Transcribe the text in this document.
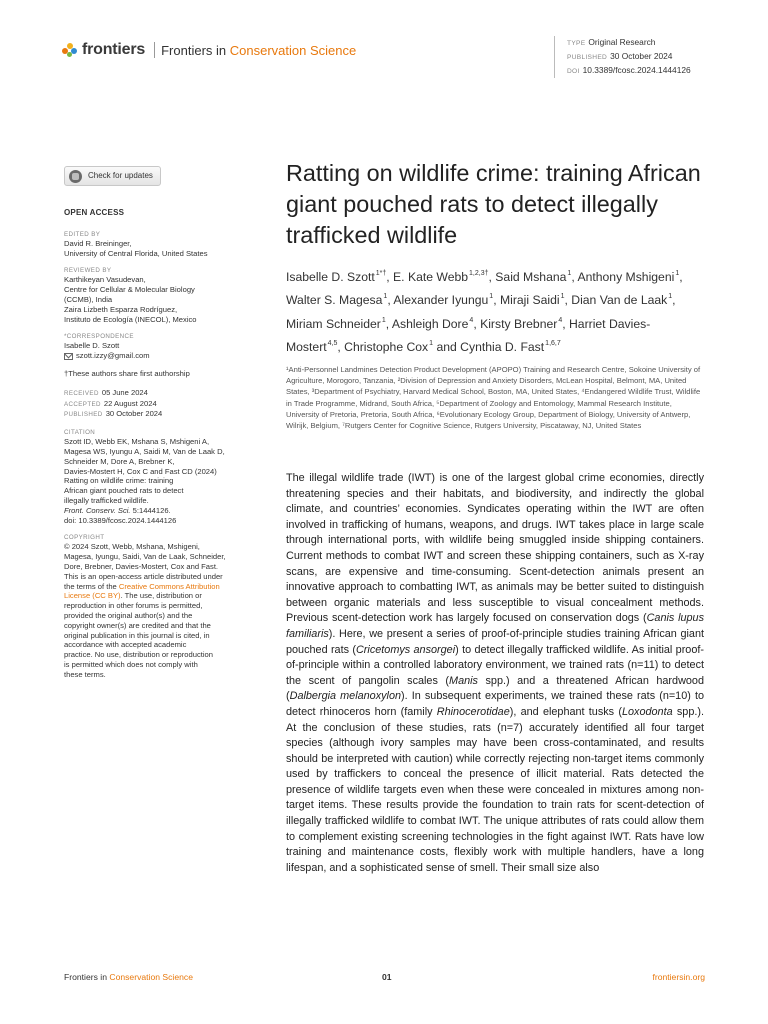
frontiers Frontiers in Conservation Science	TYPE Original Research
PUBLISHED 30 October 2024
DOI 10.3389/fcosc.2024.1444126
Check for updates
OPEN ACCESS
EDITED BY
David R. Breininger,
University of Central Florida, United States
REVIEWED BY
Karthikeyan Vasudevan,
Centre for Cellular & Molecular Biology
(CCMB), India
Zaira Lizbeth Esparza Rodríguez,
Instituto de Ecología (INECOL), Mexico
*CORRESPONDENCE
Isabelle D. Szott
szott.izzy@gmail.com
†These authors share first authorship
RECEIVED 05 June 2024
ACCEPTED 22 August 2024
PUBLISHED 30 October 2024
CITATION
Szott ID, Webb EK, Mshana S, Mshigeni A,
Magesa WS, Iyungu A, Saidi M, Van de Laak D,
Schneider M, Dore A, Brebner K,
Davies-Mostert H, Cox C and Fast CD (2024)
Ratting on wildlife crime: training
African giant pouched rats to detect
illegally trafficked wildlife.
Front. Conserv. Sci. 5:1444126.
doi: 10.3389/fcosc.2024.1444126
COPYRIGHT
© 2024 Szott, Webb, Mshana, Mshigeni,
Magesa, Iyungu, Saidi, Van de Laak, Schneider,
Dore, Brebner, Davies-Mostert, Cox and Fast.
This is an open-access article distributed under
the terms of the Creative Commons Attribution
License (CC BY). The use, distribution or
reproduction in other forums is permitted,
provided the original author(s) and the
copyright owner(s) are credited and that the
original publication in this journal is cited, in
accordance with accepted academic
practice. No use, distribution or reproduction
is permitted which does not comply with
these terms.
Ratting on wildlife crime: training African giant pouched rats to detect illegally trafficked wildlife
Isabelle D. Szott$^{1*\dagger}$, E. Kate Webb$^{1,2,3\dagger}$, Said Mshana$^1$, Anthony Mshigeni$^1$, Walter S. Magesa$^1$, Alexander Iyungu$^1$, Miraji Saidi$^1$, Dian Van de Laak$^1$, Miriam Schneider$^1$, Ashleigh Dore$^4$, Kirsty Brebner$^4$, Harriet Davies-Mostert$^{4,5}$, Christophe Cox$^1$ and Cynthia D. Fast$^{1,6,7}$
¹Anti-Personnel Landmines Detection Product Development (APOPO) Training and Research Centre, Sokoine University of Agriculture, Morogoro, Tanzania, ²Division of Depression and Anxiety Disorders, McLean Hospital, Belmont, MA, United States, ³Department of Psychiatry, Harvard Medical School, Boston, MA, United States, ⁴Endangered Wildlife Trust, Wildlife in Trade Programme, Midrand, South Africa, ⁵Department of Zoology and Entomology, Mammal Research Institute, University of Pretoria, Pretoria, South Africa, ⁶Evolutionary Ecology Group, Department of Biology, University of Antwerp, Wilrijk, Belgium, ⁷Rutgers Center for Cognitive Science, Rutgers University, Piscataway, NJ, United States
The illegal wildlife trade (IWT) is one of the largest global crime economies, directly threatening species and their habitats, and biodiversity, and indirectly the global climate, and countries’ economies. Syndicates operating within the IWT are often involved in trafficking of humans, weapons, and drugs. IWT takes place in large scale through international ports, with wildlife being smuggled inside shipping containers. Current methods to combat IWT and screen these shipping containers, such as X-ray scans, are expensive and time-consuming. Scent-detection animals present an innovative approach to combatting IWT, as animals may be better suited to distinguish between organic materials and less susceptible to visual concealment methods. Previous scent-detection work has largely focused on conservation dogs (Canis lupus familiaris). Here, we present a series of proof-of-principle studies training African giant pouched rats (Cricetomys ansorgei) to detect illegally trafficked wildlife. As initial proof-of-principle within a controlled laboratory environment, we trained rats (n=11) to detect the scent of pangolin scales (Manis spp.) and a threatened African hardwood (Dalbergia melanoxylon). In subsequent experiments, we trained these rats (n=10) to detect rhinoceros horn (family Rhinocerotidae), and elephant tusks (Loxodonta spp.). At the conclusion of these studies, rats (n=7) accurately identified all four target species (although ivory samples may have been cross-contaminated, and results should be interpreted with caution) while correctly rejecting non-target items commonly used by traffickers to conceal the presence of illicit material. Rats detected the presence of wildlife targets even when these were concealed in mixtures among non-target items. These results provide the foundation to train rats for scent-detection of illegally trafficked wildlife to combat IWT. The unique attributes of rats could allow them to complement existing screening technologies in the fight against IWT. Rats have low training and maintenance costs, flexibly work with multiple handlers, have a long lifespan, and a sophisticated sense of smell. Their small size also
Frontiers in Conservation Science	01	frontiersin.org
